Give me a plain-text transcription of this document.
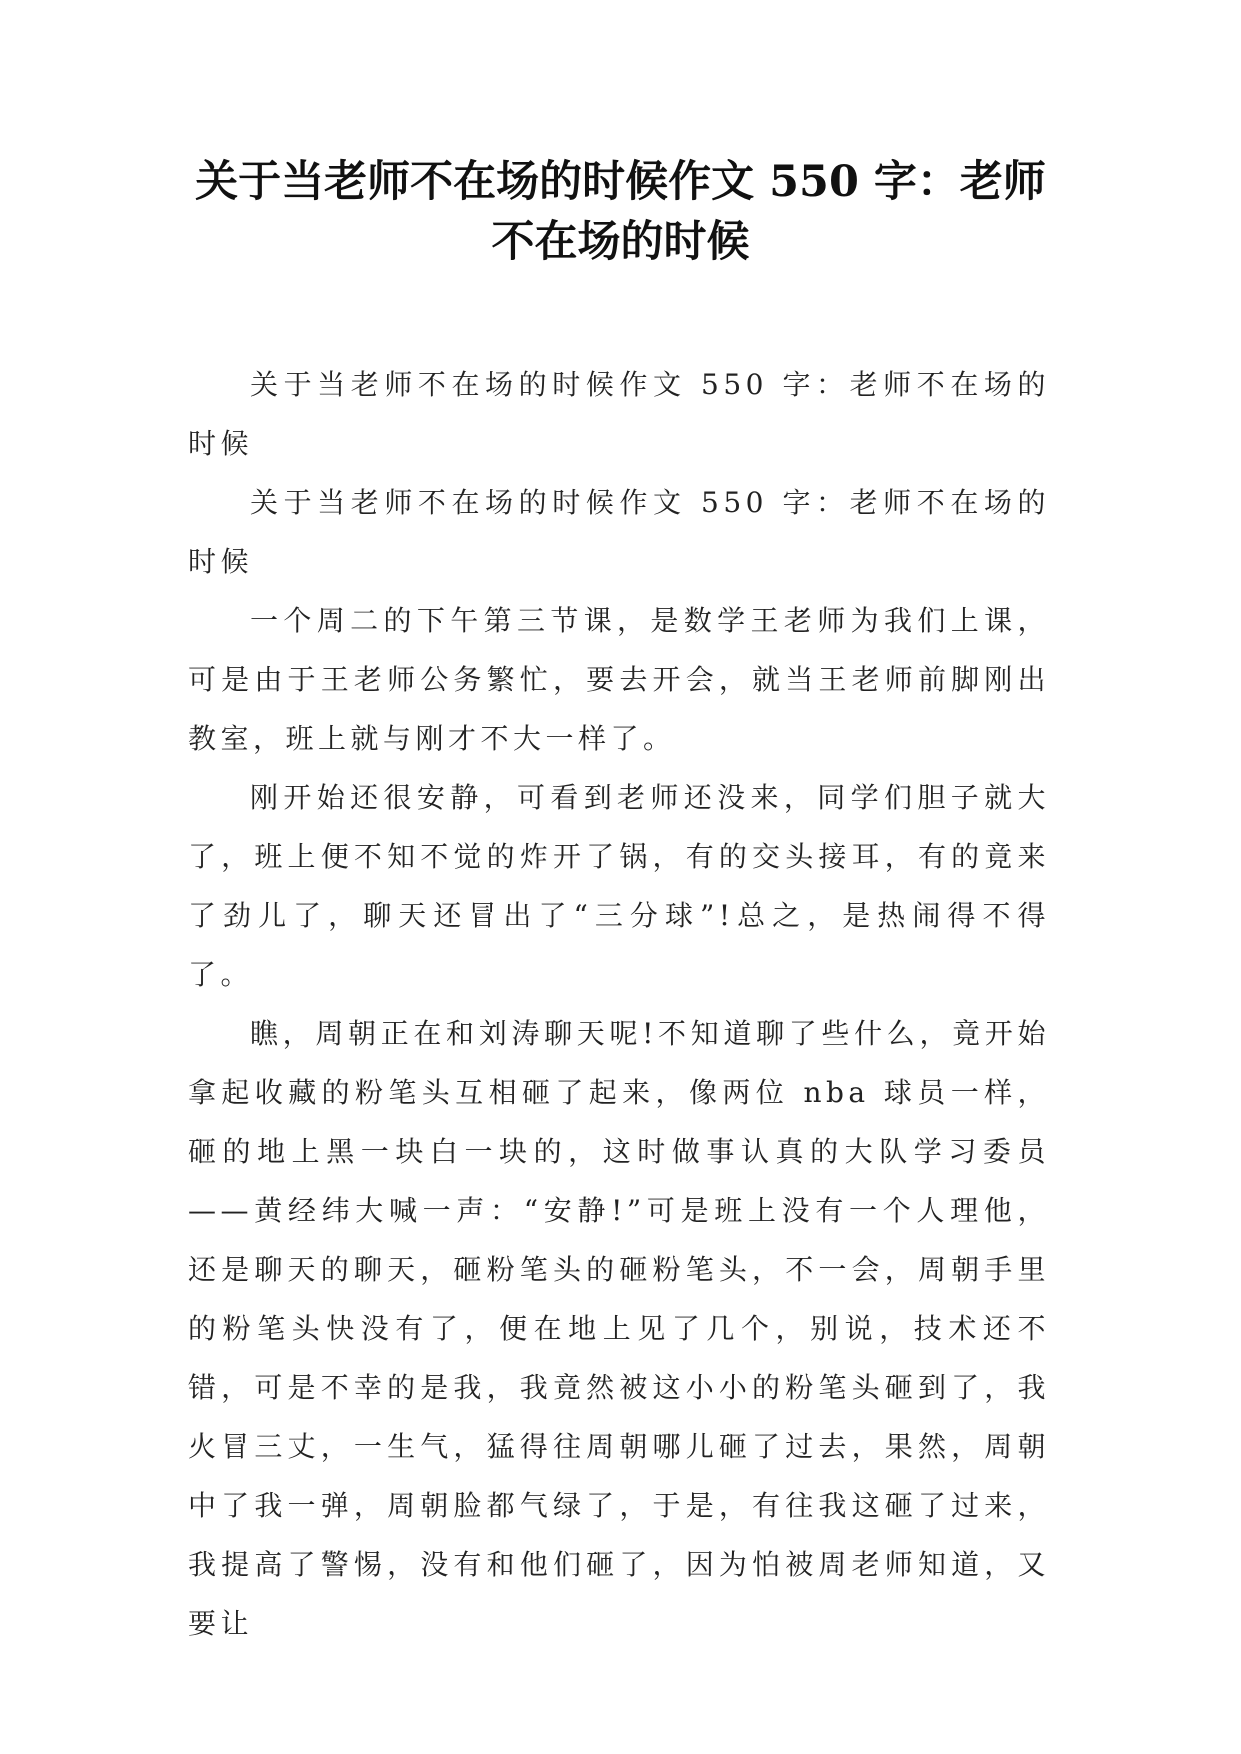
关于当老师不在场的时候作文 550 字：老师
不在场的时候

关于当老师不在场的时候作文 550 字：老师不在场的时候

关于当老师不在场的时候作文 550 字：老师不在场的时候

一个周二的下午第三节课，是数学王老师为我们上课，可是由于王老师公务繁忙，要去开会，就当王老师前脚刚出教室，班上就与刚才不大一样了。

刚开始还很安静，可看到老师还没来，同学们胆子就大了，班上便不知不觉的炸开了锅，有的交头接耳，有的竟来了劲儿了，聊天还冒出了“三分球”!总之，是热闹得不得了。

瞧，周朝正在和刘涛聊天呢!不知道聊了些什么，竟开始拿起收藏的粉笔头互相砸了起来，像两位 nba 球员一样，砸的地上黑一块白一块的，这时做事认真的大队学习委员——黄经纬大喊一声：“安静!”可是班上没有一个人理他，还是聊天的聊天，砸粉笔头的砸粉笔头，不一会，周朝手里的粉笔头快没有了，便在地上见了几个，别说，技术还不错，可是不幸的是我，我竟然被这小小的粉笔头砸到了，我火冒三丈，一生气，猛得往周朝哪儿砸了过去，果然，周朝中了我一弹，周朝脸都气绿了，于是，有往我这砸了过来，我提高了警惕，没有和他们砸了，因为怕被周老师知道，又要让
